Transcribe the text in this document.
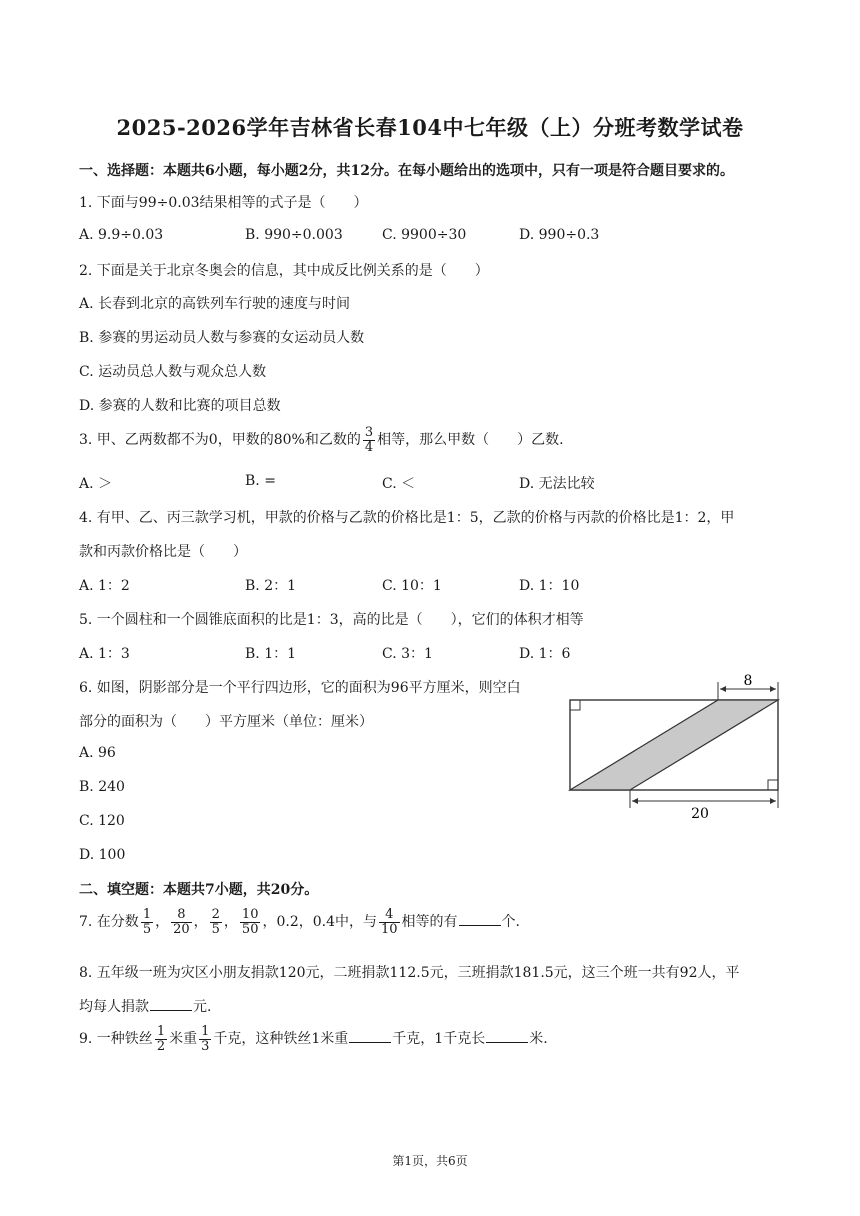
2025-2026学年吉林省长春104中七年级（上）分班考数学试卷
一、选择题：本题共6小题，每小题2分，共12分。在每小题给出的选项中，只有一项是符合题目要求的。
1. 下面与99÷0.03结果相等的式子是（　　）
A. 9.9÷0.03	B. 990÷0.003	C. 9900÷30	D. 990÷0.3
2. 下面是关于北京冬奥会的信息，其中成反比例关系的是（　　）
A. 长春到北京的高铁列车行驶的速度与时间
B. 参赛的男运动员人数与参赛的女运动员人数
C. 运动员总人数与观众总人数
D. 参赛的人数和比赛的项目总数
3. 甲、乙两数都不为0，甲数的80%和乙数的 $\frac{3}{4}$ 相等，那么甲数（　　）乙数.
A. ＞	B. =	C. ＜	D. 无法比较
4. 有甲、乙、丙三款学习机，甲款的价格与乙款的价格比是1：5，乙款的价格与丙款的价格比是1：2，甲
款和丙款价格比是（　　）
A. 1：2	B. 2：1	C. 10：1	D. 1：10
5. 一个圆柱和一个圆锥底面积的比是1：3，高的比是（　　），它们的体积才相等
A. 1：3	B. 1：1	C. 3：1	D. 1：6
6. 如图，阴影部分是一个平行四边形，它的面积为96平方厘米，则空白
部分的面积为（　　）平方厘米（单位：厘米）
A. 96
B. 240
C. 120
D. 100
8
20
二、填空题：本题共7小题，共20分。
7. 在分数 $\frac{1}{5}$ ， $\frac{8}{20}$ ， $\frac{2}{5}$ ， $\frac{10}{50}$ ，0.2，0.4中，与 $\frac{4}{10}$ 相等的有	个.
8. 五年级一班为灾区小朋友捐款120元，二班捐款112.5元，三班捐款181.5元，这三个班一共有92人，平
均每人捐款	元.
9. 一种铁丝 $\frac{1}{2}$ 米重 $\frac{1}{3}$ 千克，这种铁丝1米重	千克，1千克长	米.
第1页，共6页
